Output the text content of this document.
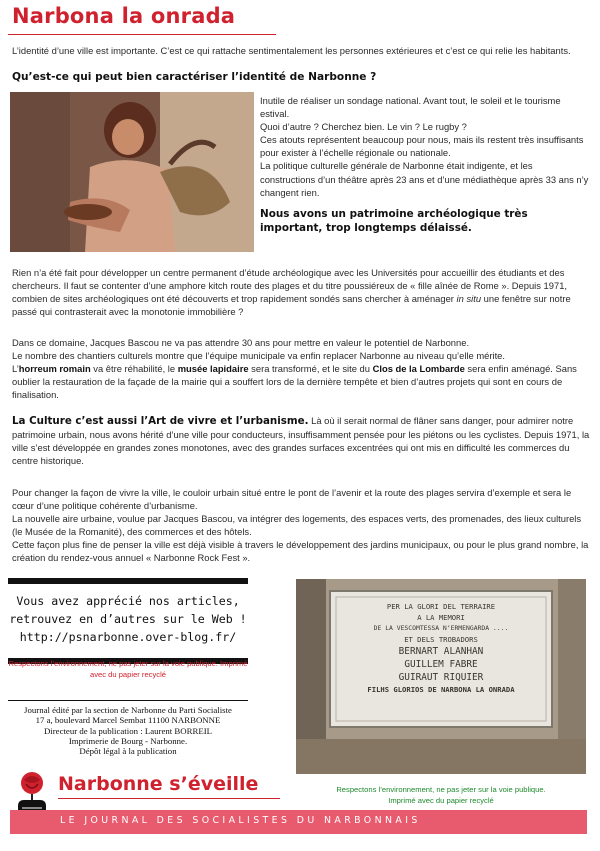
Narbona la onrada
L’identité d’une ville est importante. C’est ce qui rattache sentimentalement les personnes extérieures et c’est ce qui relie les habitants.
Qu’est-ce qui peut bien caractériser l’identité de Narbonne ?
Inutile de réaliser un sondage national. Avant tout, le soleil et le tourisme estival.
Quoi d’autre ? Cherchez bien. Le vin ? Le rugby ?
Ces atouts représentent beaucoup pour nous, mais ils restent très insuffisants pour exister à l’échelle régionale ou nationale.
La politique culturelle générale de Narbonne était indigente, et les constructions d’un théâtre après 23 ans et d’une médiathèque après 33 ans n’y changent rien.
Nous avons un patrimoine archéologique très important, trop longtemps délaissé.
Rien n’a été fait pour développer un centre permanent d’étude archéologique avec les Universités pour accueillir des étudiants et des chercheurs. Il faut se contenter d’une amphore kitch route des plages et du titre poussiéreux de « fille aînée de Rome ». Depuis 1971, combien de sites archéologiques ont été découverts et trop rapidement sondés sans chercher à aménager in situ une fenêtre sur notre passé qui contrasterait avec la monotonie immobilière ?
Dans ce domaine, Jacques Bascou ne va pas attendre 30 ans pour mettre en valeur le potentiel de Narbonne.
Le nombre des chantiers culturels montre que l’équipe municipale va enfin replacer Narbonne au niveau qu’elle mérite.
L’horreum romain va être réhabilité, le musée lapidaire sera transformé, et le site du Clos de la Lombarde sera enfin aménagé. Sans oublier la restauration de la façade de la mairie qui a souffert lors de la dernière tempête et bien d’autres projets qui sont en cours de finalisation.
La Culture c’est aussi l’Art de vivre et l’urbanisme. Là où il serait normal de flâner sans danger, pour admirer notre patrimoine urbain, nous avons hérité d’une ville pour conducteurs, insuffisamment pensée pour les piétons ou les cyclistes. Depuis 1971, la ville s’est développée en grandes zones monotones, avec des grandes surfaces excentrées qui ont mis en difficulté les commerces du centre historique.
Pour changer la façon de vivre la ville, le couloir urbain situé entre le pont de l’avenir et la route des plages servira d’exemple et sera le cœur d’une politique cohérente d’urbanisme.
La nouvelle aire urbaine, voulue par Jacques Bascou, va intégrer des logements, des espaces verts, des promenades, des lieux culturels (le Musée de la Romanité), des commerces et des hôtels.
Cette façon plus fine de penser la ville est déjà visible à travers le développement des jardins municipaux, ou pour le plus grand nombre, la création du rendez-vous annuel « Narbonne Rock Fest ».
Vous avez apprécié nos articles,
retrouvez en d’autres sur le Web !
http://psnarbonne.over-blog.fr/
Respectons l’environnement, ne pas jeter sur la voie publique. Imprimé avec du papier recyclé
Journal édité par la section de Narbonne du Parti Socialiste
17 a, boulevard Marcel Sembat 11100 NARBONNE
Directeur de la publication : Laurent BORREIL
Imprimerie de Bourg - Narbonne.
Dépôt légal à la publication
PER LA GLORI DEL TERRAIRE
A LA MEMORI
DE LA VESCOMTESSA N’ERMENGARDA ....
ET DELS TROBADORS
BERNART ALANHAN
GUILLEM FABRE
GUIRAUT RIQUIER
FILHS GLORIOS DE NARBONA LA ONRADA
Respectons l’environnement, ne pas jeter sur la voie publique.
Imprimé avec du papier recyclé
Narbonne s’éveille
LE JOURNAL DES SOCIALISTES DU NARBONNAIS
